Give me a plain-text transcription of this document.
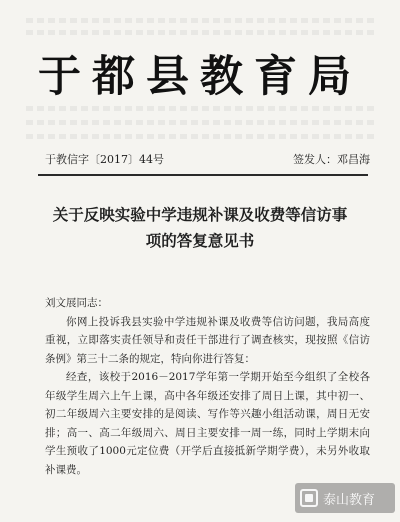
于都县教育局
于教信字〔2017〕44号	签发人：邓昌海
关于反映实验中学违规补课及收费等信访事
项的答复意见书

刘文展同志：

你网上投诉我县实验中学违规补课及收费等信访问题，我局高度重视，立即落实责任领导和责任干部进行了调查核实，现按照《信访条例》第三十二条的规定，特向你进行答复：

经查，该校于2016－2017学年第一学期开始至今组织了全校各年级学生周六上午上课，高中各年级还安排了周日上课，其中初一、初二年级周六主要安排的是阅读、写作等兴趣小组活动课，周日无安排；高一、高二年级周六、周日主要安排一周一练，同时上学期末向学生预收了1000元定位费（开学后直接抵新学期学费），未另外收取补课费。

泰山教育
